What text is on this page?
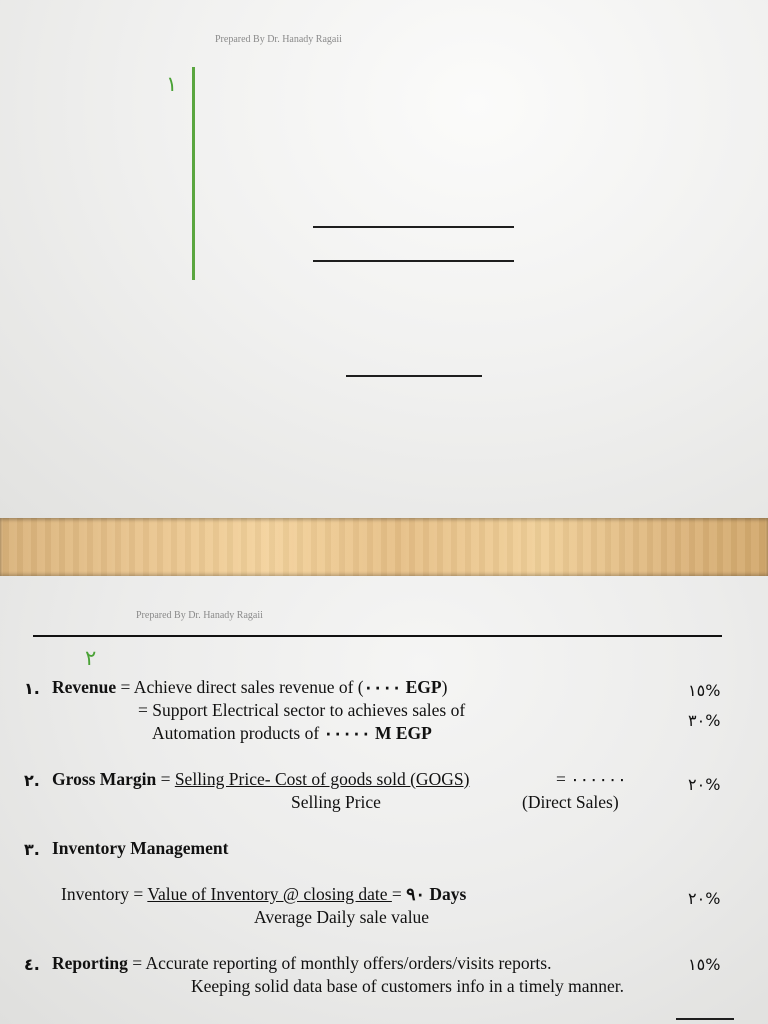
Prepared By Dr. Hanady Ragaii
١
Prepared By Dr. Hanady Ragaii
٢
١. Revenue = Achieve direct sales revenue of (٠٠٠٠ EGP)
= Support Electrical sector to achieves sales of
Automation products of ٠٠٠٠٠ M EGP
١٥%
٣٠%
٢. Gross Margin = Selling Price- Cost of goods sold (GOGS)	= ٠٠٠٠٠٠
Selling Price	(Direct Sales)
٢٠%
٣. Inventory Management
Inventory = Value of Inventory @ closing date = ٩٠ Days
Average Daily sale value
٢٠%
٤. Reporting = Accurate reporting of monthly offers/orders/visits reports.
Keeping solid data base of customers info in a timely manner.
١٥%
